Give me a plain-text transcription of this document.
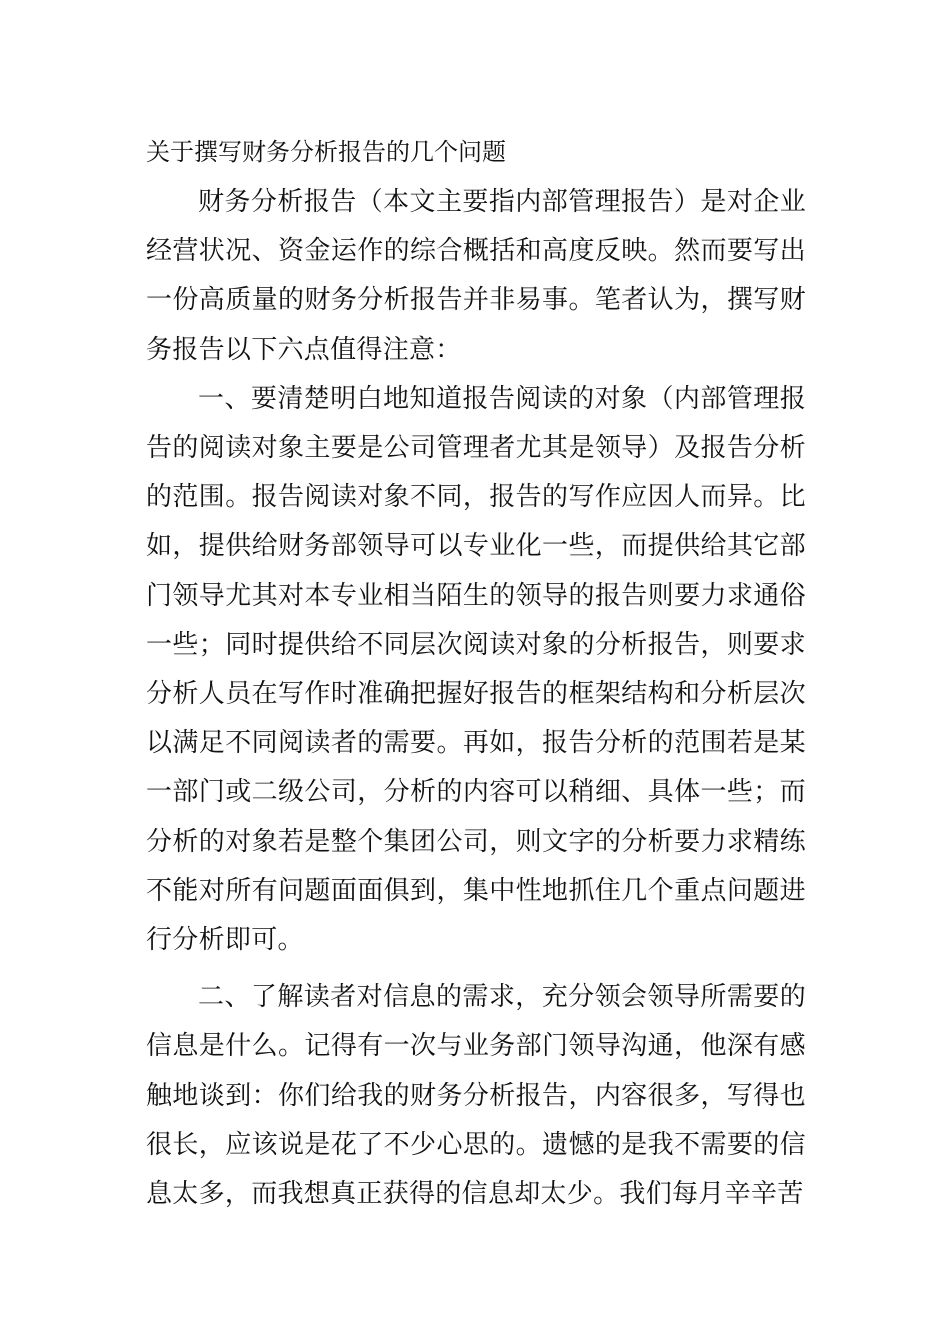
关于撰写财务分析报告的几个问题

财务分析报告（本文主要指内部管理报告）是对企业经营状况、资金运作的综合概括和高度反映。然而要写出一份高质量的财务分析报告并非易事。笔者认为，撰写财务报告以下六点值得注意：

一、要清楚明白地知道报告阅读的对象（内部管理报告的阅读对象主要是公司管理者尤其是领导）及报告分析的范围。报告阅读对象不同，报告的写作应因人而异。比如，提供给财务部领导可以专业化一些，而提供给其它部门领导尤其对本专业相当陌生的领导的报告则要力求通俗一些；同时提供给不同层次阅读对象的分析报告，则要求分析人员在写作时准确把握好报告的框架结构和分析层次以满足不同阅读者的需要。再如，报告分析的范围若是某一部门或二级公司，分析的内容可以稍细、具体一些；而分析的对象若是整个集团公司，则文字的分析要力求精练不能对所有问题面面俱到，集中性地抓住几个重点问题进行分析即可。

二、了解读者对信息的需求，充分领会领导所需要的信息是什么。记得有一次与业务部门领导沟通，他深有感触地谈到：你们给我的财务分析报告，内容很多，写得也很长，应该说是花了不少心思的。遗憾的是我不需要的信息太多，而我想真正获得的信息却太少。我们每月辛辛苦
